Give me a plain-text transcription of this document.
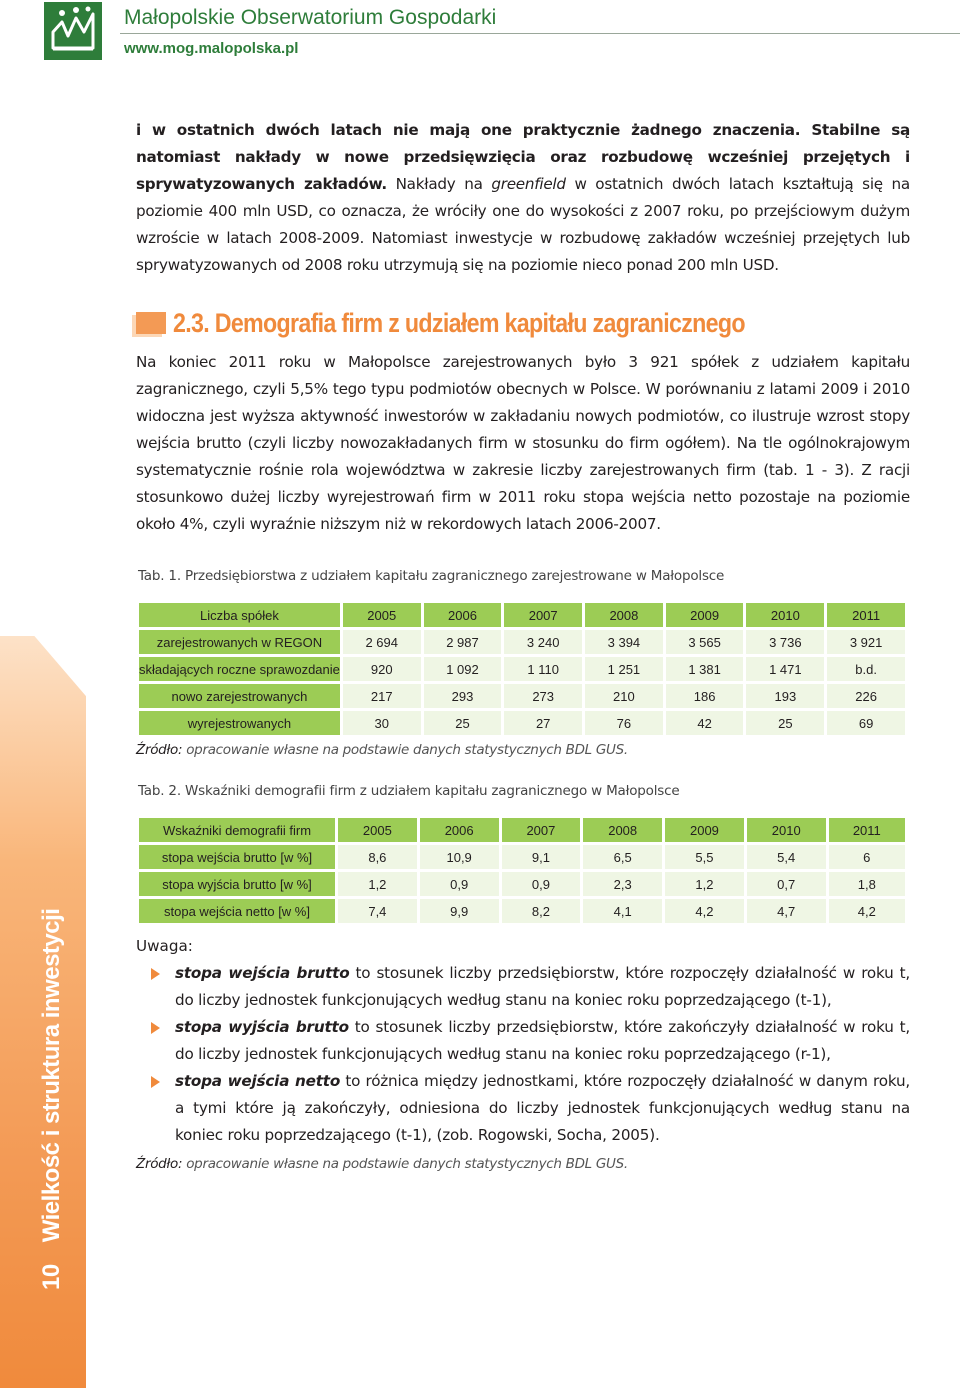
Małopolskie Obserwatorium Gospodarki
www.mog.malopolska.pl
i w ostatnich dwóch latach nie mają one praktycznie żadnego znaczenia. Stabilne są natomiast nakłady w nowe przedsięwzięcia oraz rozbudowę wcześniej przejętych i sprywatyzowanych zakładów. Nakłady na greenfield w ostatnich dwóch latach kształtują się na poziomie 400 mln USD, co oznacza, że wróciły one do wysokości z 2007 roku, po przejściowym dużym wzroście w latach 2008-2009. Natomiast inwestycje w rozbudowę zakładów wcześniej przejętych lub sprywatyzowanych od 2008 roku utrzymują się na poziomie nieco ponad 200 mln USD.
2.3. Demografia firm z udziałem kapitału zagranicznego
Na koniec 2011 roku w Małopolsce zarejestrowanych było 3 921 spółek z udziałem kapitału zagranicznego, czyli 5,5% tego typu podmiotów obecnych w Polsce. W porównaniu z latami 2009 i 2010 widoczna jest wyższa aktywność inwestorów w zakładaniu nowych podmiotów, co ilustruje wzrost stopy wejścia brutto (czyli liczby nowozakładanych firm w stosunku do firm ogółem). Na tle ogólnokrajowym systematycznie rośnie rola województwa w zakresie liczby zarejestrowanych firm (tab. 1 - 3). Z racji stosunkowo dużej liczby wyrejestrowań firm w 2011 roku stopa wejścia netto pozostaje na poziomie około 4%, czyli wyraźnie niższym niż w rekordowych latach 2006-2007.
Tab. 1. Przedsiębiorstwa z udziałem kapitału zagranicznego zarejestrowane w Małopolsce
Liczba spółek	2005	2006	2007	2008	2009	2010	2011
zarejestrowanych w REGON	2 694	2 987	3 240	3 394	3 565	3 736	3 921
składających roczne sprawozdanie	920	1 092	1 110	1 251	1 381	1 471	b.d.
nowo zarejestrowanych	217	293	273	210	186	193	226
wyrejestrowanych	30	25	27	76	42	25	69
Źródło: opracowanie własne na podstawie danych statystycznych BDL GUS.
Tab. 2. Wskaźniki demografii firm z udziałem kapitału zagranicznego w Małopolsce
Wskaźniki demografii firm	2005	2006	2007	2008	2009	2010	2011
stopa wejścia brutto [w %]	8,6	10,9	9,1	6,5	5,5	5,4	6
stopa wyjścia brutto [w %]	1,2	0,9	0,9	2,3	1,2	0,7	1,8
stopa wejścia netto [w %]	7,4	9,9	8,2	4,1	4,2	4,7	4,2
Uwaga:
stopa wejścia brutto to stosunek liczby przedsiębiorstw, które rozpoczęły działalność w roku t, do liczby jednostek funkcjonujących według stanu na koniec roku poprzedzającego (t-1),
stopa wyjścia brutto to stosunek liczby przedsiębiorstw, które zakończyły działalność w roku t, do liczby jednostek funkcjonujących według stanu na koniec roku poprzedzającego (r-1),
stopa wejścia netto to różnica między jednostkami, które rozpoczęły działalność w danym roku, a tymi które ją zakończyły, odniesiona do liczby jednostek funkcjonujących według stanu na koniec roku poprzedzającego (t-1), (zob. Rogowski, Socha, 2005).
Źródło: opracowanie własne na podstawie danych statystycznych BDL GUS.
10Wielkość i struktura inwestycji
